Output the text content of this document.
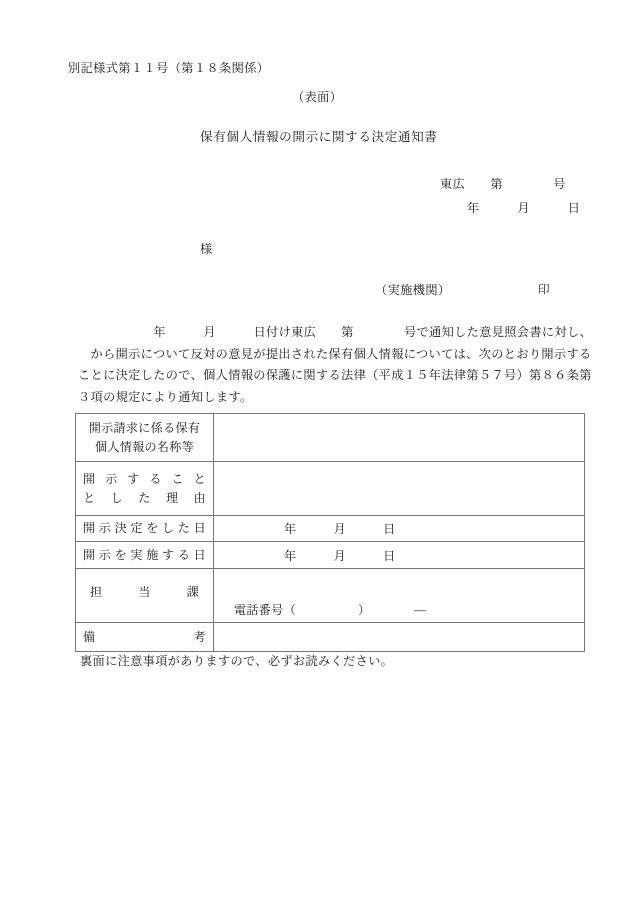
別記様式第１１号（第１８条関係）
（表面）
保有個人情報の開示に関する決定通知書
東広　　第　　　　号
年　　　月　　　日
様
（実施機関）	印
　　　　　　年　　　月　　　日付け東広　　第　　　　号で通知した意見照会書に対し、
　から開示について反対の意見が提出された保有個人情報については、次のとおり開示する
ことに決定したので、個人情報の保護に関する法律（平成１５年法律第５７号）第８６条第
３項の規定により通知します。
開示請求に係る保有
個人情報の名称等	

開示すること
とした理由	

開示決定をした日	年　　　月　　　日

開示を実施する日	年　　　月　　　日

担当課	電話番号（　　　　　）　　　　―

備考	

裏面に注意事項がありますので、必ずお読みください。
